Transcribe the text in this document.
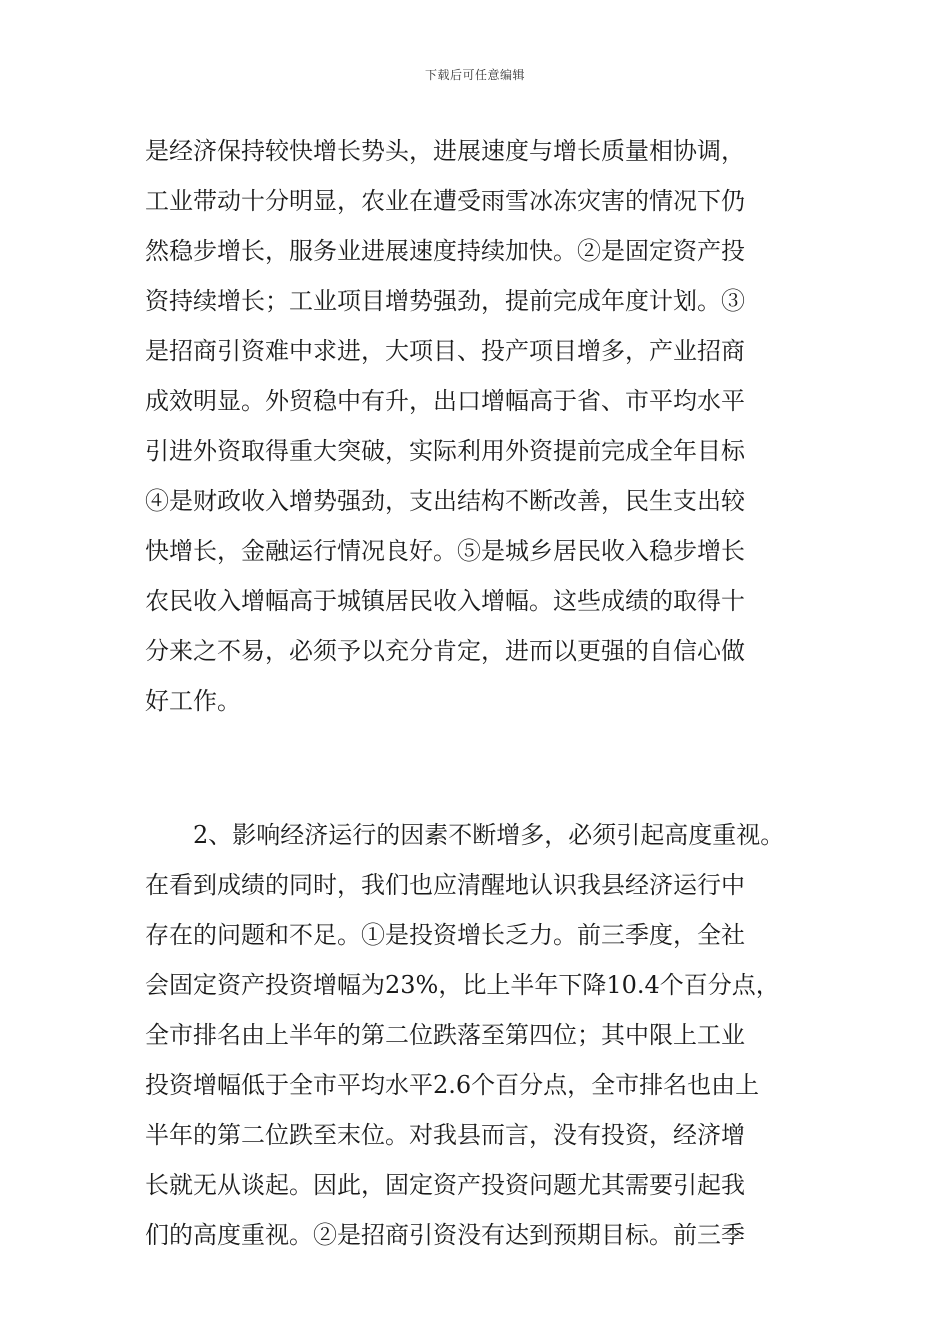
下载后可任意编辑
是经济保持较快增长势头，进展速度与增长质量相协调，
工业带动十分明显，农业在遭受雨雪冰冻灾害的情况下仍
然稳步增长，服务业进展速度持续加快。②是固定资产投
资持续增长；工业项目增势强劲，提前完成年度计划。③
是招商引资难中求进，大项目、投产项目增多，产业招商
成效明显。外贸稳中有升，出口增幅高于省、市平均水平
引进外资取得重大突破，实际利用外资提前完成全年目标
④是财政收入增势强劲，支出结构不断改善，民生支出较
快增长，金融运行情况良好。⑤是城乡居民收入稳步增长
农民收入增幅高于城镇居民收入增幅。这些成绩的取得十
分来之不易，必须予以充分肯定，进而以更强的自信心做
好工作。
2、影响经济运行的因素不断增多，必须引起高度重视。
在看到成绩的同时，我们也应清醒地认识我县经济运行中
存在的问题和不足。①是投资增长乏力。前三季度，全社
会固定资产投资增幅为23%，比上半年下降10.4个百分点，
全市排名由上半年的第二位跌落至第四位；其中限上工业
投资增幅低于全市平均水平2.6个百分点，全市排名也由上
半年的第二位跌至末位。对我县而言，没有投资，经济增
长就无从谈起。因此，固定资产投资问题尤其需要引起我
们的高度重视。②是招商引资没有达到预期目标。前三季
